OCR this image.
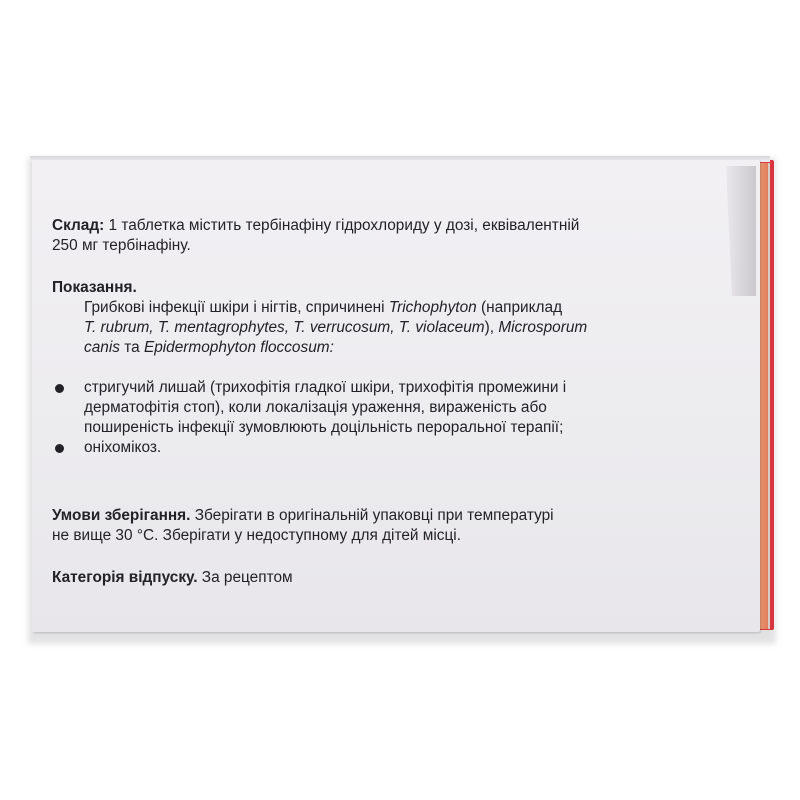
Склад: 1 таблетка містить тербінафіну гідрохлориду у дозі, еквівалентній

250 мг тербінафіну.

Показання.

Грибкові інфекції шкіри і нігтів, спричинені Trichophyton (наприклад

T. rubrum, T. mentagrophytes, T. verrucosum, T. violaceum), Microsporum

canis та Epidermophyton floccosum:

стригучий лишай (трихофітія гладкої шкіри, трихофітія промежини і

дерматофітія стоп), коли локалізація ураження, вираженість або

поширеність інфекції зумовлюють доцільність пероральної терапії;

оніхомікоз.

Умови зберігання. Зберігати в оригінальній упаковці при температурі

не вище 30 °С. Зберігати у недоступному для дітей місці.

Категорія відпуску. За рецептом
